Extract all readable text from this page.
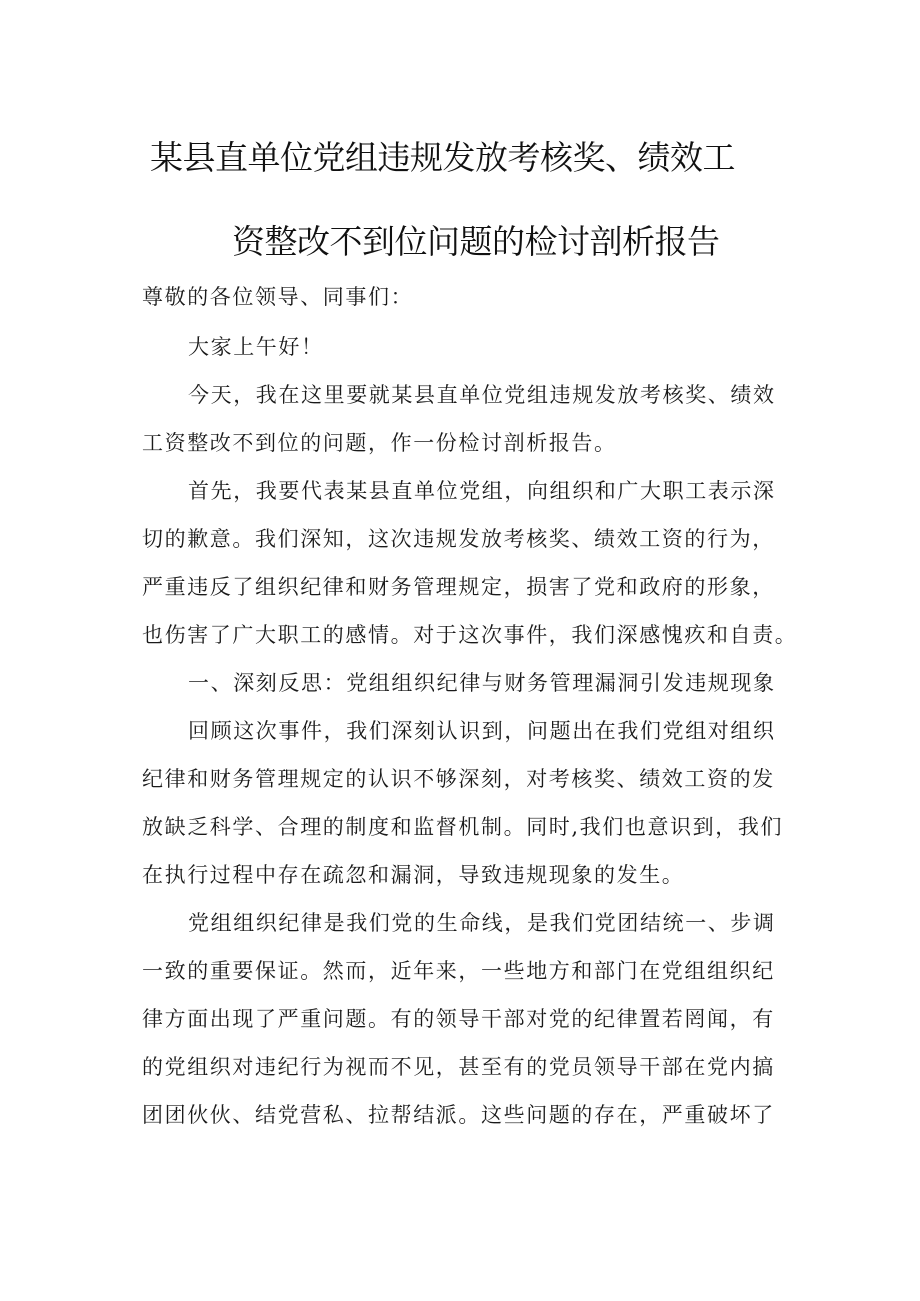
某县直单位党组违规发放考核奖、绩效工
资整改不到位问题的检讨剖析报告
尊敬的各位领导、同事们：
大家上午好！
今天，我在这里要就某县直单位党组违规发放考核奖、绩效
工资整改不到位的问题，作一份检讨剖析报告。
首先，我要代表某县直单位党组，向组织和广大职工表示深
切的歉意。我们深知，这次违规发放考核奖、绩效工资的行为，
严重违反了组织纪律和财务管理规定，损害了党和政府的形象，
也伤害了广大职工的感情。对于这次事件，我们深感愧疚和自责。
一、深刻反思：党组组织纪律与财务管理漏洞引发违规现象
回顾这次事件，我们深刻认识到，问题出在我们党组对组织
纪律和财务管理规定的认识不够深刻，对考核奖、绩效工资的发
放缺乏科学、合理的制度和监督机制。同时,我们也意识到，我们
在执行过程中存在疏忽和漏洞，导致违规现象的发生。
党组组织纪律是我们党的生命线，是我们党团结统一、步调
一致的重要保证。然而，近年来，一些地方和部门在党组组织纪
律方面出现了严重问题。有的领导干部对党的纪律置若罔闻，有
的党组织对违纪行为视而不见，甚至有的党员领导干部在党内搞
团团伙伙、结党营私、拉帮结派。这些问题的存在，严重破坏了
